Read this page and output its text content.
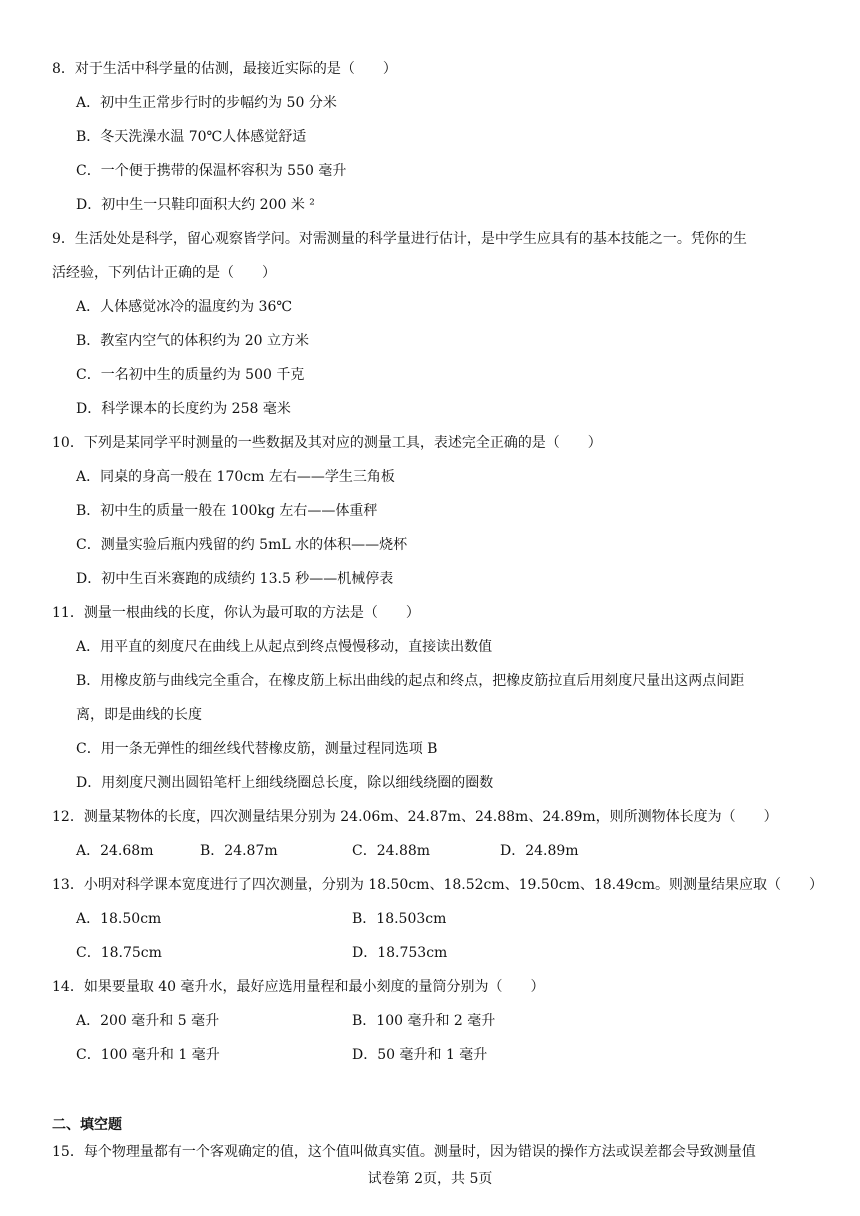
8．对于生活中科学量的估测，最接近实际的是（　　）
A．初中生正常步行时的步幅约为 50 分米
B．冬天洗澡水温 70℃人体感觉舒适
C．一个便于携带的保温杯容积为 550 毫升
D．初中生一只鞋印面积大约 200 米 ²
9．生活处处是科学，留心观察皆学问。对需测量的科学量进行估计，是中学生应具有的基本技能之一。凭你的生
活经验，下列估计正确的是（　　）
A．人体感觉冰冷的温度约为 36℃
B．教室内空气的体积约为 20 立方米
C．一名初中生的质量约为 500 千克
D．科学课本的长度约为 258 毫米
10．下列是某同学平时测量的一些数据及其对应的测量工具，表述完全正确的是（　　）
A．同桌的身高一般在 170cm 左右——学生三角板
B．初中生的质量一般在 100kg 左右——体重秤
C．测量实验后瓶内残留的约 5mL 水的体积——烧杯
D．初中生百米赛跑的成绩约 13.5 秒——机械停表
11．测量一根曲线的长度，你认为最可取的方法是（　　）
A．用平直的刻度尺在曲线上从起点到终点慢慢移动，直接读出数值
B．用橡皮筋与曲线完全重合，在橡皮筋上标出曲线的起点和终点，把橡皮筋拉直后用刻度尺量出这两点间距
离，即是曲线的长度
C．用一条无弹性的细丝线代替橡皮筋，测量过程同选项 B
D．用刻度尺测出圆铅笔杆上细线绕圈总长度，除以细线绕圈的圈数
12．测量某物体的长度，四次测量结果分别为 24.06m、24.87m、24.88m、24.89m，则所测物体长度为（　　）
A．24.68m	B．24.87m	C．24.88m	D．24.89m
13．小明对科学课本宽度进行了四次测量，分别为 18.50cm、18.52cm、19.50cm、18.49cm。则测量结果应取（　　）
A．18.50cm	B．18.503cm
C．18.75cm	D．18.753cm
14．如果要量取 40 毫升水，最好应选用量程和最小刻度的量筒分别为（　　）
A．200 毫升和 5 毫升	B．100 毫升和 2 毫升
C．100 毫升和 1 毫升	D．50 毫升和 1 毫升
二、填空题
15．每个物理量都有一个客观确定的值，这个值叫做真实值。测量时，因为错误的操作方法或误差都会导致测量值
试卷第 2页，共 5页
